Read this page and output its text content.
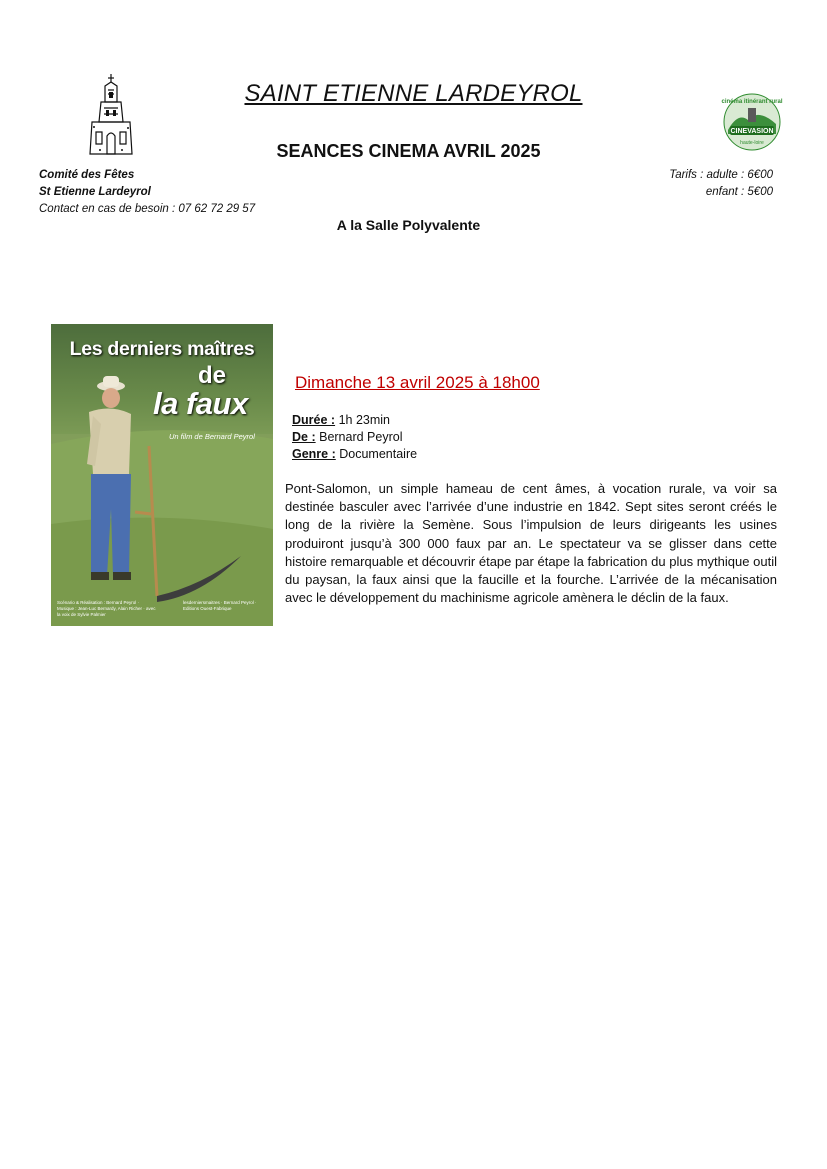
CINEVASION
cinéma itinérant rural
haute-loire
SAINT ETIENNE LARDEYROL
SEANCES CINEMA AVRIL 2025
Comité des Fêtes
St Etienne Lardeyrol
Contact en cas de besoin : 07 62 72 29 57
Tarifs : adulte : 6€00
enfant : 5€00
A la Salle Polyvalente
Les derniers maîtres
de
la faux
Un film de Bernard Peyrol
Scénario & Réalisation : Bernard Peyrol · Musique : Jean-Luc Bernardy, Alain Richer · avec la voix de Sylvie Palmier
lesderniersmaitres · Bernard Peyrol · Editions Ouest-Fabrique
Dimanche 13 avril 2025 à 18h00
Durée : 1h 23min
De : Bernard Peyrol
Genre : Documentaire

Pont-Salomon, un simple hameau de cent âmes, à vocation rurale, va voir sa destinée basculer avec l’arrivée d’une industrie en 1842. Sept sites seront créés le long de la rivière la Semène. Sous l’impulsion de leurs dirigeants les usines produiront jusqu’à 300 000 faux par an. Le spectateur va se glisser dans cette histoire remarquable et découvrir étape par étape la fabrication du plus mythique outil du paysan, la faux ainsi que la faucille et la fourche. L’arrivée de la mécanisation avec le développement du machinisme agricole amènera le déclin de la faux.
